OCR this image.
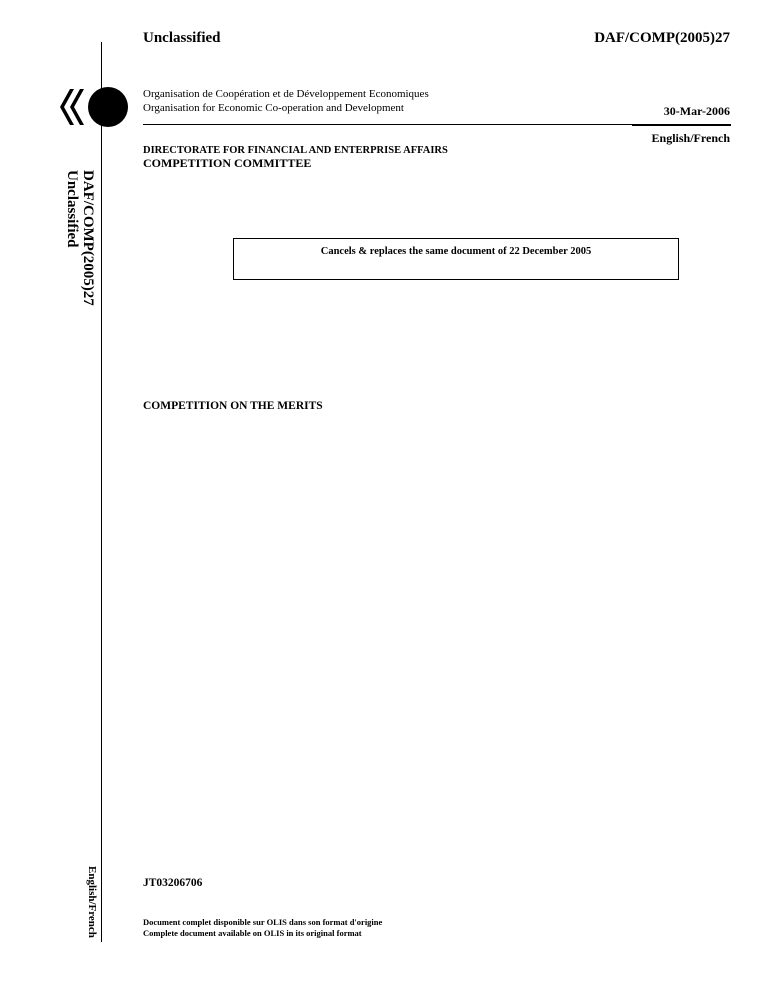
Unclassified	DAF/COMP(2005)27
Organisation de Coopération et de Développement Economiques
Organisation for Economic Co-operation and Development	30-Mar-2006
English/French
DIRECTORATE FOR FINANCIAL AND ENTERPRISE AFFAIRS
COMPETITION COMMITTEE
DAF/COMP(2005)27
Unclassified
English/French
Cancels & replaces the same document of 22 December 2005
COMPETITION ON THE MERITS
JT03206706
Document complet disponible sur OLIS dans son format d'origine
Complete document available on OLIS in its original format
